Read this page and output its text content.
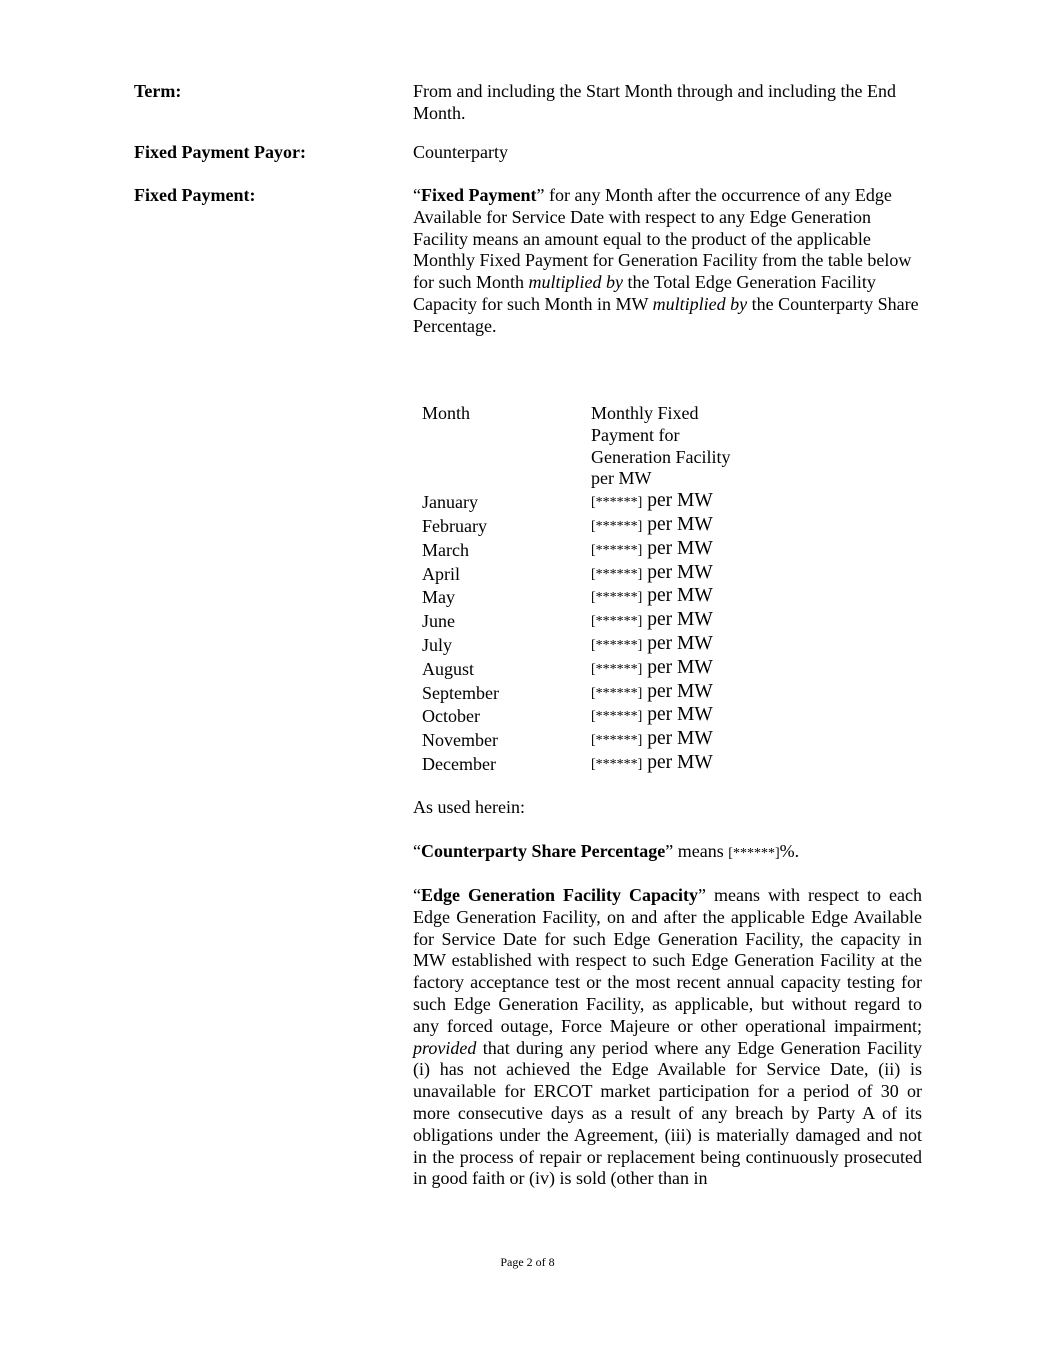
Term:	From and including the Start Month through and including the End Month.
Fixed Payment Payor:	Counterparty
Fixed Payment:	“Fixed Payment” for any Month after the occurrence of any Edge Available for Service Date with respect to any Edge Generation Facility means an amount equal to the product of the applicable Monthly Fixed Payment for Generation Facility from the table below for such Month multiplied by the Total Edge Generation Facility Capacity for such Month in MW multiplied by the Counterparty Share Percentage.
Month	Monthly Fixed Payment for Generation Facility per MW
January	[******] per MW
February	[******] per MW
March	[******] per MW
April	[******] per MW
May	[******] per MW
June	[******] per MW
July	[******] per MW
August	[******] per MW
September	[******] per MW
October	[******] per MW
November	[******] per MW
December	[******] per MW
As used herein:
“Counterparty Share Percentage” means [******]%.
“Edge Generation Facility Capacity” means with respect to each Edge Generation Facility, on and after the applicable Edge Available for Service Date for such Edge Generation Facility, the capacity in MW established with respect to such Edge Generation Facility at the factory acceptance test or the most recent annual capacity testing for such Edge Generation Facility, as applicable, but without regard to any forced outage, Force Majeure or other operational impairment; provided that during any period where any Edge Generation Facility (i) has not achieved the Edge Available for Service Date, (ii) is unavailable for ERCOT market participation for a period of 30 or more consecutive days as a result of any breach by Party A of its obligations under the Agreement, (iii) is materially damaged and not in the process of repair or replacement being continuously prosecuted in good faith or (iv) is sold (other than in
Page 2 of 8
